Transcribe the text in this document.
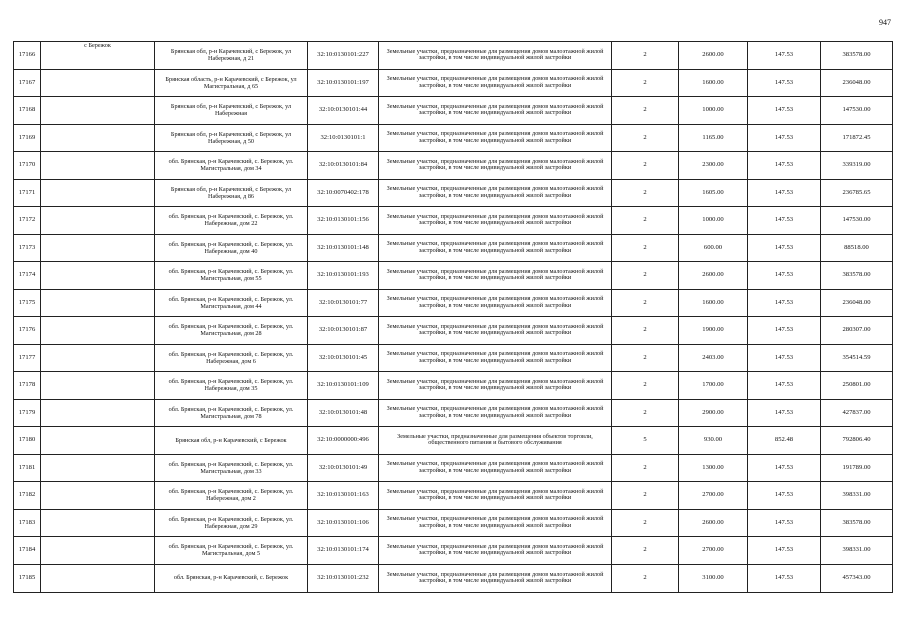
947
17166	с Бережок	Брянская обл, р-н Карачевский, с Бережок, ул Набережная, д 21	32:10:0130101:227	Земельные участки, предназначенные для размещения домов малоэтажной жилой застройки, в том числе индивидуальной жилой застройки	2	2600.00	147.53	383578.00
17167		Брянская область, р-н Карачевский, с Бережок, ул Магистральная, д 65	32:10:0130101:197	Земельные участки, предназначенные для размещения домов малоэтажной жилой застройки, в том числе индивидуальной жилой застройки	2	1600.00	147.53	236048.00
17168		Брянская обл, р-н Карачевский, с Бережок, ул Набережная	32:10:0130101:44	Земельные участки, предназначенные для размещения домов малоэтажной жилой застройки, в том числе индивидуальной жилой застройки	2	1000.00	147.53	147530.00
17169		Брянская обл, р-н Карачевский, с Бережок, ул Набережная, д 50	32:10:0130101:1	Земельные участки, предназначенные для размещения домов малоэтажной жилой застройки, в том числе индивидуальной жилой застройки	2	1165.00	147.53	171872.45
17170		обл. Брянская, р-н Карачевский, с. Бережок, ул. Магистральная, дом 34	32:10:0130101:84	Земельные участки, предназначенные для размещения домов малоэтажной жилой застройки, в том числе индивидуальной жилой застройки	2	2300.00	147.53	339319.00
17171		Брянская обл, р-н Карачевский, с Бережок, ул Набережная, д 86	32:10:0070402:178	Земельные участки, предназначенные для размещения домов малоэтажной жилой застройки, в том числе индивидуальной жилой застройки	2	1605.00	147.53	236785.65
17172		обл. Брянская, р-н Карачевский, с. Бережок, ул. Набережная, дом 22	32:10:0130101:156	Земельные участки, предназначенные для размещения домов малоэтажной жилой застройки, в том числе индивидуальной жилой застройки	2	1000.00	147.53	147530.00
17173		обл. Брянская, р-н Карачевский, с. Бережок, ул. Набережная, дом 40	32:10:0130101:148	Земельные участки, предназначенные для размещения домов малоэтажной жилой застройки, в том числе индивидуальной жилой застройки	2	600.00	147.53	88518.00
17174		обл. Брянская, р-н Карачевский, с. Бережок, ул. Магистральная, дом 55	32:10:0130101:193	Земельные участки, предназначенные для размещения домов малоэтажной жилой застройки, в том числе индивидуальной жилой застройки	2	2600.00	147.53	383578.00
17175		обл. Брянская, р-н Карачевский, с. Бережок, ул. Магистральная, дом 44	32:10:0130101:77	Земельные участки, предназначенные для размещения домов малоэтажной жилой застройки, в том числе индивидуальной жилой застройки	2	1600.00	147.53	236048.00
17176		обл. Брянская, р-н Карачевский, с. Бережок, ул. Магистральная, дом 28	32:10:0130101:87	Земельные участки, предназначенные для размещения домов малоэтажной жилой застройки, в том числе индивидуальной жилой застройки	2	1900.00	147.53	280307.00
17177		обл. Брянская, р-н Карачевский, с. Бережок, ул. Набережная, дом 6	32:10:0130101:45	Земельные участки, предназначенные для размещения домов малоэтажной жилой застройки, в том числе индивидуальной жилой застройки	2	2403.00	147.53	354514.59
17178		обл. Брянская, р-н Карачевский, с. Бережок, ул. Набережная, дом 35	32:10:0130101:109	Земельные участки, предназначенные для размещения домов малоэтажной жилой застройки, в том числе индивидуальной жилой застройки	2	1700.00	147.53	250801.00
17179		обл. Брянская, р-н Карачевский, с. Бережок, ул. Магистральная, дом 78	32:10:0130101:48	Земельные участки, предназначенные для размещения домов малоэтажной жилой застройки, в том числе индивидуальной жилой застройки	2	2900.00	147.53	427837.00
17180		Брянская обл, р-н Карачевский, с Бережок	32:10:0000000:496	Земельные участки, предназначенные для размещения объектов торговли, общественного питания и бытового обслуживания	5	930.00	852.48	792806.40
17181		обл. Брянская, р-н Карачевский, с. Бережок, ул. Магистральная, дом 33	32:10:0130101:49	Земельные участки, предназначенные для размещения домов малоэтажной жилой застройки, в том числе индивидуальной жилой застройки	2	1300.00	147.53	191789.00
17182		обл. Брянская, р-н Карачевский, с. Бережок, ул. Набережная, дом 2	32:10:0130101:163	Земельные участки, предназначенные для размещения домов малоэтажной жилой застройки, в том числе индивидуальной жилой застройки	2	2700.00	147.53	398331.00
17183		обл. Брянская, р-н Карачевский, с. Бережок, ул. Набережная, дом 29	32:10:0130101:106	Земельные участки, предназначенные для размещения домов малоэтажной жилой застройки, в том числе индивидуальной жилой застройки	2	2600.00	147.53	383578.00
17184		обл. Брянская, р-н Карачевский, с. Бережок, ул. Магистральная, дом 5	32:10:0130101:174	Земельные участки, предназначенные для размещения домов малоэтажной жилой застройки, в том числе индивидуальной жилой застройки	2	2700.00	147.53	398331.00
17185		обл. Брянская, р-н Карачевский, с. Бережок	32:10:0130101:232	Земельные участки, предназначенные для размещения домов малоэтажной жилой застройки, в том числе индивидуальной жилой застройки	2	3100.00	147.53	457343.00
